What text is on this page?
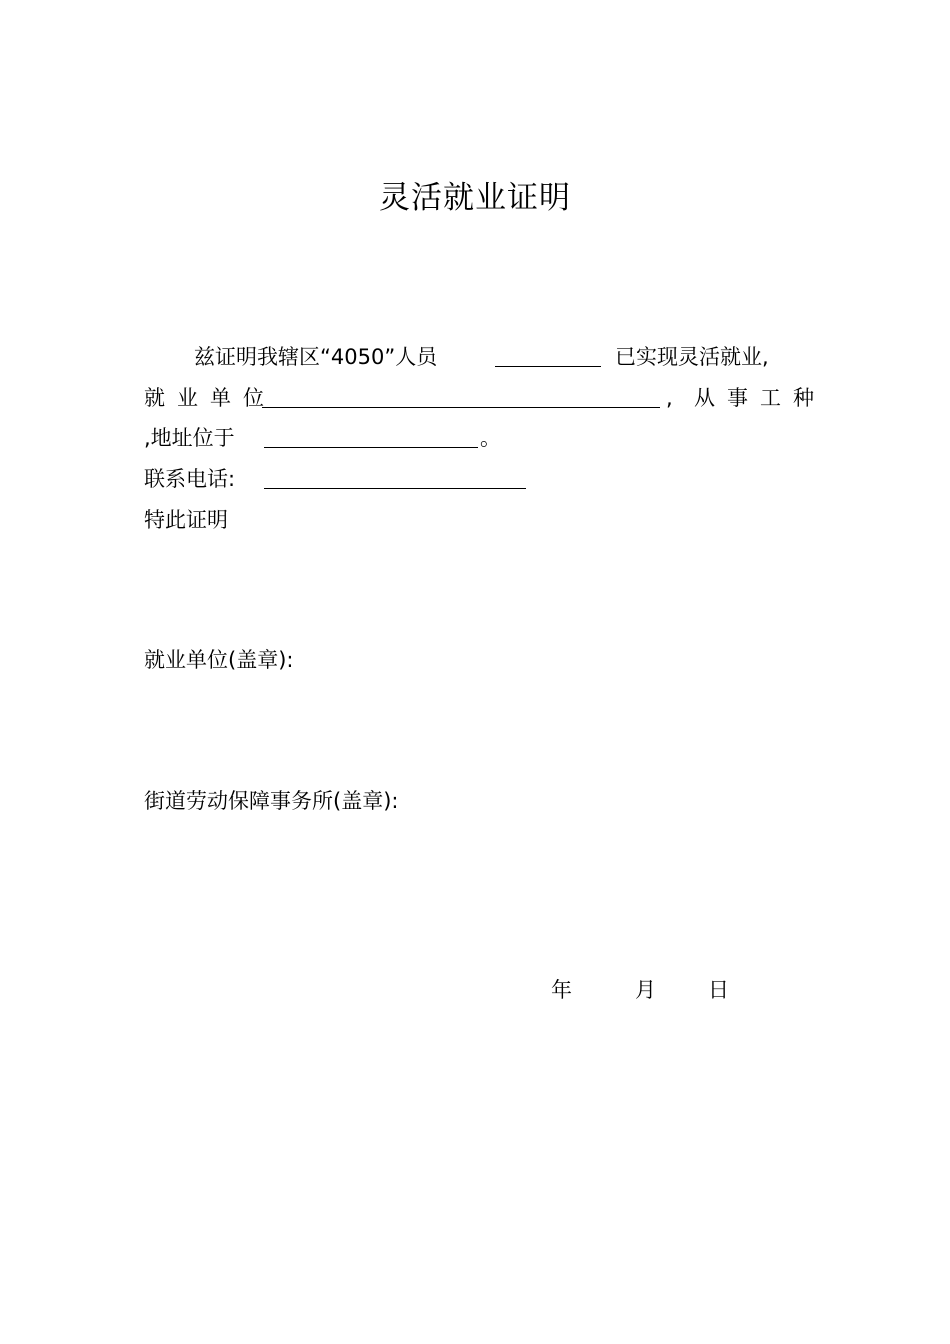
灵活就业证明
兹证明我辖区“4050”人员	已实现灵活就业,
就业单位	, 从事工种
,地址位于	。
联系电话:
特此证明
就业单位(盖章):
街道劳动保障事务所(盖章):
年	月 日
